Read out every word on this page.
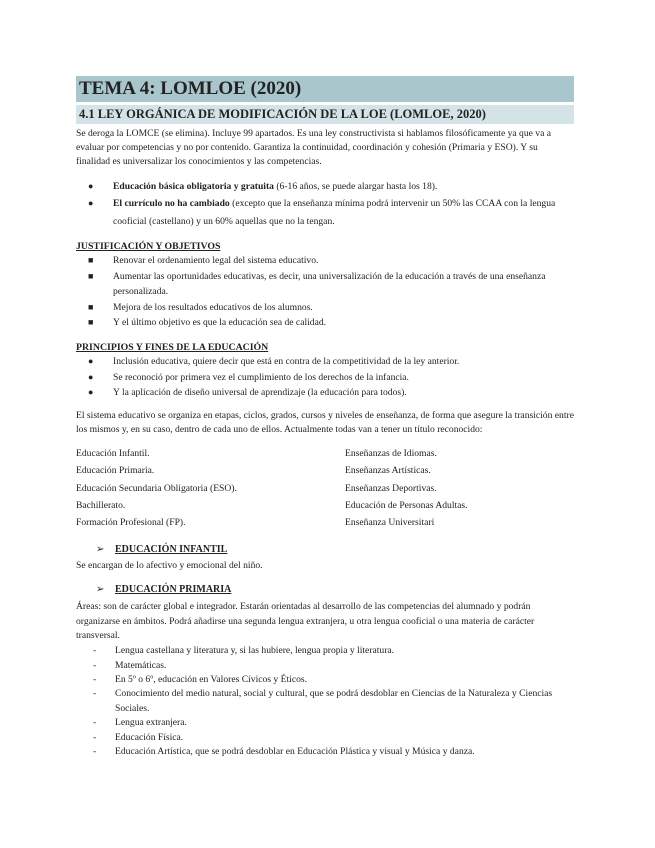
TEMA 4: LOMLOE (2020)
4.1 LEY ORGÁNICA DE MODIFICACIÓN DE LA LOE (LOMLOE, 2020)

Se deroga la LOMCE (se elimina). Incluye 99 apartados. Es una ley constructivista si hablamos filosóficamente ya que va a evaluar por competencias y no por contenido. Garantiza la continuidad, coordinación y cohesión (Primaria y ESO). Y su finalidad es universalizar los conocimientos y las competencias.

● Educación básica obligatoria y gratuita (6-16 años, se puede alargar hasta los 18).
● El currículo no ha cambiado (excepto que la enseñanza mínima podrá intervenir un 50% las CCAA con la lengua cooficial (castellano) y un 60% aquellas que no la tengan.
JUSTIFICACIÓN Y OBJETIVOS
■ Renovar el ordenamiento legal del sistema educativo.
■ Aumentar las oportunidades educativas, es decir, una universalización de la educación a través de una enseñanza personalizada.
■ Mejora de los resultados educativos de los alumnos.
■ Y el último objetivo es que la educación sea de calidad.
PRINCIPIOS Y FINES DE LA EDUCACIÓN
● Inclusión educativa, quiere decir que está en contra de la competitividad de la ley anterior.
● Se reconoció por primera vez el cumplimiento de los derechos de la infancia.
● Y la aplicación de diseño universal de aprendizaje (la educación para todos).

El sistema educativo se organiza en etapas, ciclos, grados, cursos y niveles de enseñanza, de forma que asegure la transición entre los mismos y, en su caso, dentro de cada uno de ellos. Actualmente todas van a tener un título reconocido:

Educación Infantil.
Educación Primaria.
Educación Secundaria Obligatoria (ESO).
Bachillerato.
Formación Profesional (FP).
Enseñanzas de Idiomas.
Enseñanzas Artísticas.
Enseñanzas Deportivas.
Educación de Personas Adultas.
Enseñanza Universitari
➢ EDUCACIÓN INFANTIL

Se encargan de lo afectivo y emocional del niño.

➢ EDUCACIÓN PRIMARIA

Áreas: son de carácter global e integrador. Estarán orientadas al desarrollo de las competencias del alumnado y podrán organizarse en ámbitos. Podrá añadirse una segunda lengua extranjera, u otra lengua cooficial o una materia de carácter transversal.

- Lengua castellana y literatura y, si las hubiere, lengua propia y literatura.
- Matemáticas.
- En 5º o 6º, educación en Valores Cívicos y Éticos.
- Conocimiento del medio natural, social y cultural, que se podrá desdoblar en Ciencias de la Naturaleza y Ciencias Sociales.
- Lengua extranjera.
- Educación Física.
- Educación Artística, que se podrá desdoblar en Educación Plástica y visual y Música y danza.
